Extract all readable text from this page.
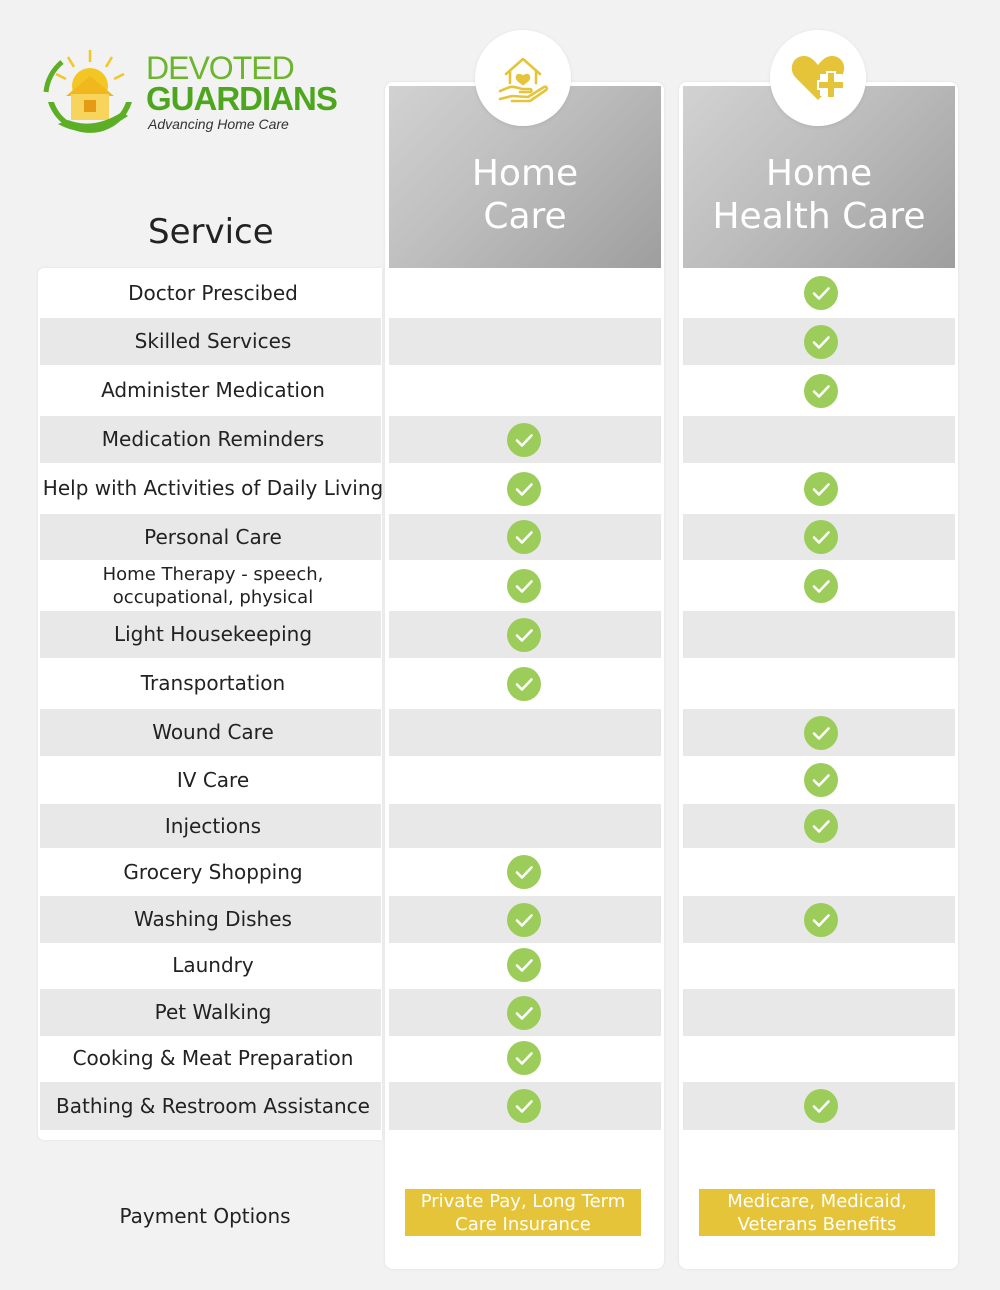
DEVOTED
GUARDIANS
Advancing Home Care
Home
Care
Home
Health Care
Service
Doctor Prescibed
Skilled Services
Administer Medication
Medication Reminders
Help with Activities of Daily Living
Personal Care
Home Therapy - speech,
occupational, physical
Light Housekeeping
Transportation
Wound Care
IV Care
Injections
Grocery Shopping
Washing Dishes
Laundry
Pet Walking
Cooking & Meat Preparation
Bathing & Restroom Assistance
Payment Options
Private Pay, Long Term
Care Insurance
Medicare, Medicaid,
Veterans Benefits
